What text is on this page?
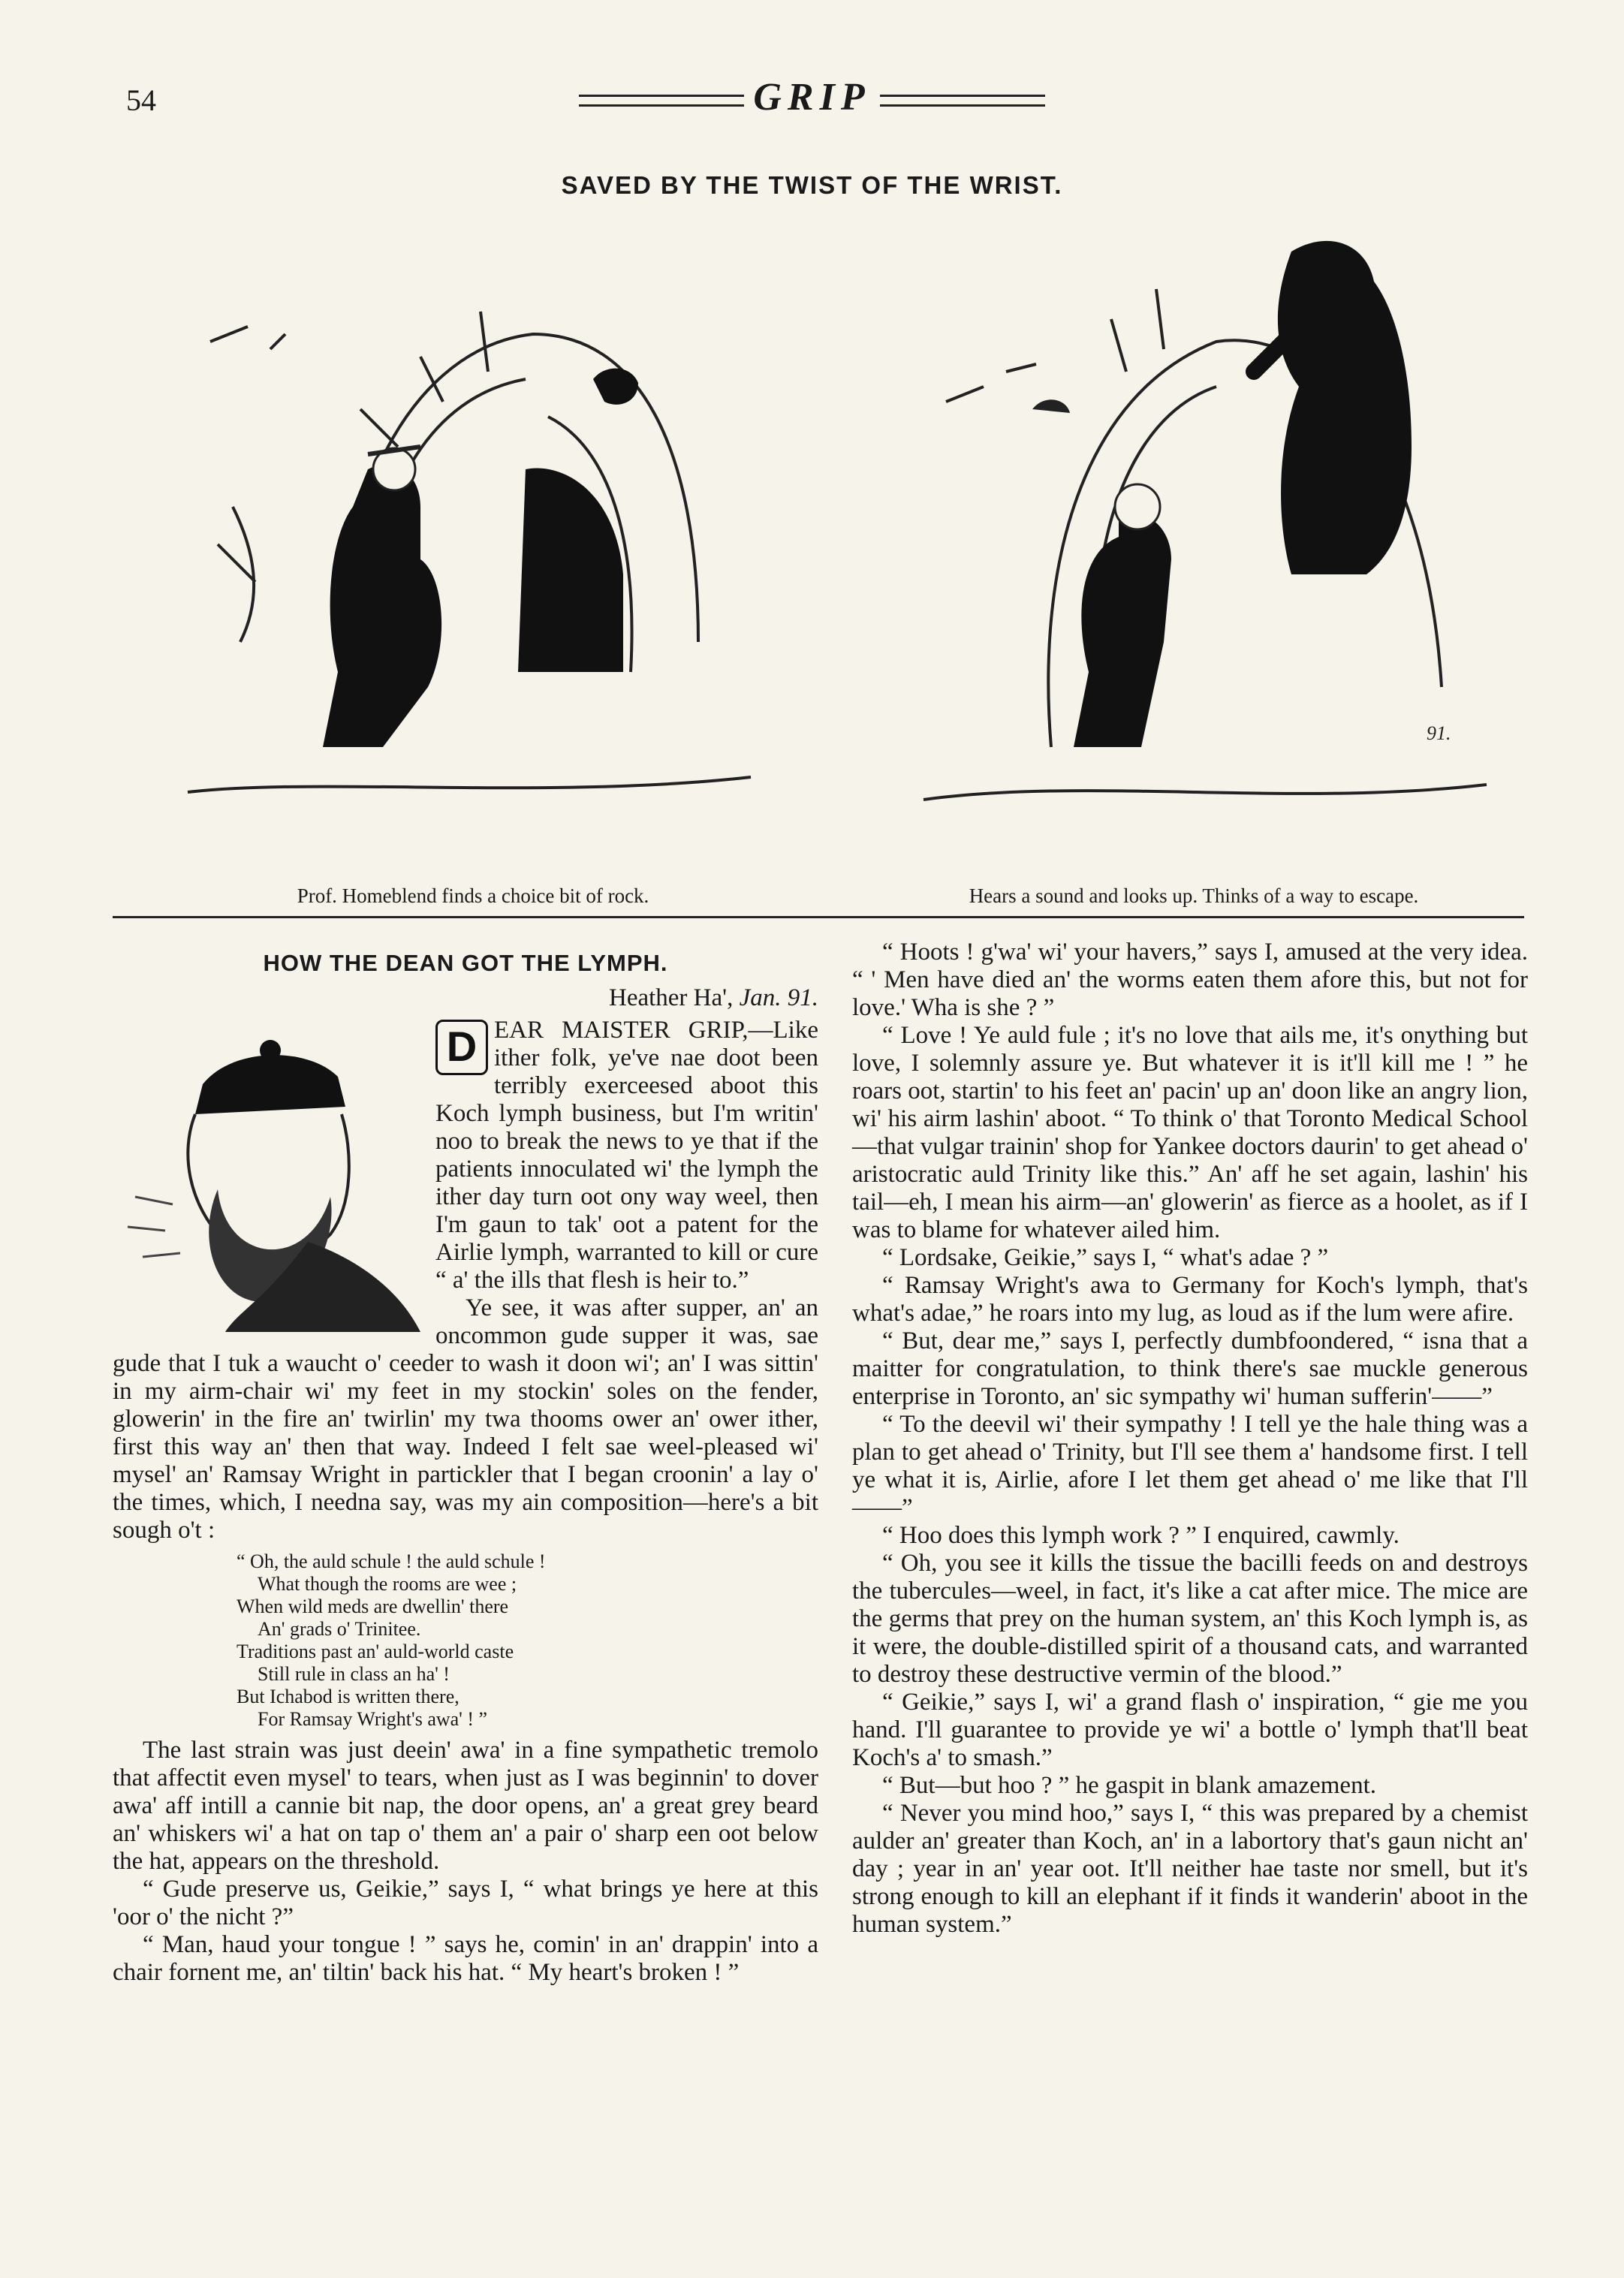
54	GRIP
SAVED BY THE TWIST OF THE WRIST.
91.
Prof. Homeblend finds a choice bit of rock.	Hears a sound and looks up. Thinks of a way to escape.
HOW THE DEAN GOT THE LYMPH.
Heather Ha', Jan. 91.

D EAR MAISTER GRIP,—Like ither folk, ye've nae doot been terribly exerceesed aboot this Koch lymph business, but I'm writin' noo to break the news to ye that if the patients innoculated wi' the lymph the ither day turn oot ony way weel, then I'm gaun to tak' oot a patent for the Airlie lymph, warranted to kill or cure “ a' the ills that flesh is heir to.”

Ye see, it was after supper, an' an oncommon gude supper it was, sae gude that I tuk a waucht o' ceeder to wash it doon wi'; an' I was sittin' in my airm-chair wi' my feet in my stockin' soles on the fender, glowerin' in the fire an' twirlin' my twa thooms ower an' ower ither, first this way an' then that way. Indeed I felt sae weel-pleased wi' mysel' an' Ramsay Wright in partickler that I began croonin' a lay o' the times, which, I needna say, was my ain composition—here's a bit sough o't :

“ Oh, the auld schule ! the auld schule !
What though the rooms are wee ;
When wild meds are dwellin' there
An' grads o' Trinitee.
Traditions past an' auld-world caste
Still rule in class an ha' !
But Ichabod is written there,
For Ramsay Wright's awa' ! ”

The last strain was just deein' awa' in a fine sympathetic tremolo that affectit even mysel' to tears, when just as I was beginnin' to dover awa' aff intill a cannie bit nap, the door opens, an' a great grey beard an' whiskers wi' a hat on tap o' them an' a pair o' sharp een oot below the hat, appears on the threshold.

“ Gude preserve us, Geikie,” says I, “ what brings ye here at this 'oor o' the nicht ?”

“ Man, haud your tongue ! ” says he, comin' in an' drappin' into a chair fornent me, an' tiltin' back his hat. “ My heart's broken ! ”

“ Hoots ! g'wa' wi' your havers,” says I, amused at the very idea. “ ' Men have died an' the worms eaten them afore this, but not for love.' Wha is she ? ”

“ Love ! Ye auld fule ; it's no love that ails me, it's onything but love, I solemnly assure ye. But whatever it is it'll kill me ! ” he roars oot, startin' to his feet an' pacin' up an' doon like an angry lion, wi' his airm lashin' aboot. “ To think o' that Toronto Medical School—that vulgar trainin' shop for Yankee doctors daurin' to get ahead o' aristocratic auld Trinity like this.” An' aff he set again, lashin' his tail—eh, I mean his airm—an' glowerin' as fierce as a hoolet, as if I was to blame for whatever ailed him.

“ Lordsake, Geikie,” says I, “ what's adae ? ”

“ Ramsay Wright's awa to Germany for Koch's lymph, that's what's adae,” he roars into my lug, as loud as if the lum were afire.

“ But, dear me,” says I, perfectly dumbfoondered, “ isna that a maitter for congratulation, to think there's sae muckle generous enterprise in Toronto, an' sic sympathy wi' human sufferin'——”

“ To the deevil wi' their sympathy ! I tell ye the hale thing was a plan to get ahead o' Trinity, but I'll see them a' handsome first. I tell ye what it is, Airlie, afore I let them get ahead o' me like that I'll——”

“ Hoo does this lymph work ? ” I enquired, cawmly.

“ Oh, you see it kills the tissue the bacilli feeds on and destroys the tubercules—weel, in fact, it's like a cat after mice. The mice are the germs that prey on the human system, an' this Koch lymph is, as it were, the double-distilled spirit of a thousand cats, and warranted to destroy these destructive vermin of the blood.”

“ Geikie,” says I, wi' a grand flash o' inspiration, “ gie me you hand. I'll guarantee to provide ye wi' a bottle o' lymph that'll beat Koch's a' to smash.”

“ But—but hoo ? ” he gaspit in blank amazement.

“ Never you mind hoo,” says I, “ this was prepared by a chemist aulder an' greater than Koch, an' in a labortory that's gaun nicht an' day ; year in an' year oot. It'll neither hae taste nor smell, but it's strong enough to kill an elephant if it finds it wanderin' aboot in the human system.”
